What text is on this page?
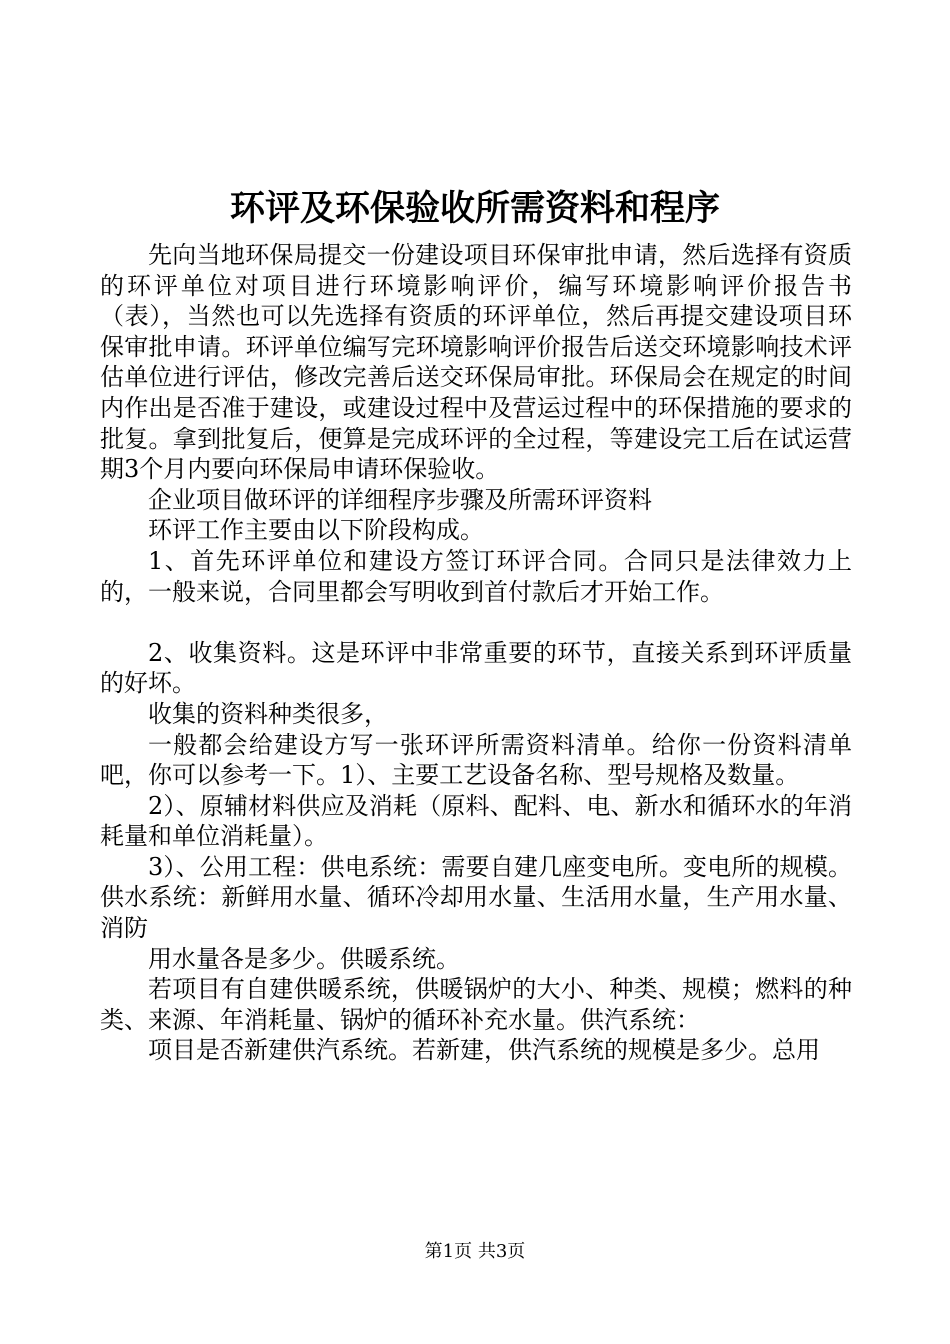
环评及环保验收所需资料和程序

先向当地环保局提交一份建设项目环保审批申请，然后选择有资质的环评单位对项目进行环境影响评价，编写环境影响评价报告书（表），当然也可以先选择有资质的环评单位，然后再提交建设项目环保审批申请。环评单位编写完环境影响评价报告后送交环境影响技术评估单位进行评估，修改完善后送交环保局审批。环保局会在规定的时间内作出是否准于建设，或建设过程中及营运过程中的环保措施的要求的批复。拿到批复后，便算是完成环评的全过程，等建设完工后在试运营期3个月内要向环保局申请环保验收。

企业项目做环评的详细程序步骤及所需环评资料

环评工作主要由以下阶段构成。

1、首先环评单位和建设方签订环评合同。合同只是法律效力上的，一般来说，合同里都会写明收到首付款后才开始工作。

2、收集资料。这是环评中非常重要的环节，直接关系到环评质量的好坏。

收集的资料种类很多，

一般都会给建设方写一张环评所需资料清单。给你一份资料清单吧，你可以参考一下。1）、主要工艺设备名称、型号规格及数量。

2）、原辅材料供应及消耗（原料、配料、电、新水和循环水的年消耗量和单位消耗量）。

3）、公用工程：供电系统：需要自建几座变电所。变电所的规模。供水系统：新鲜用水量、循环冷却用水量、生活用水量，生产用水量、消防

用水量各是多少。供暖系统。

若项目有自建供暖系统，供暖锅炉的大小、种类、规模；燃料的种类、来源、年消耗量、锅炉的循环补充水量。供汽系统：

项目是否新建供汽系统。若新建，供汽系统的规模是多少。总用

第1页 共3页
